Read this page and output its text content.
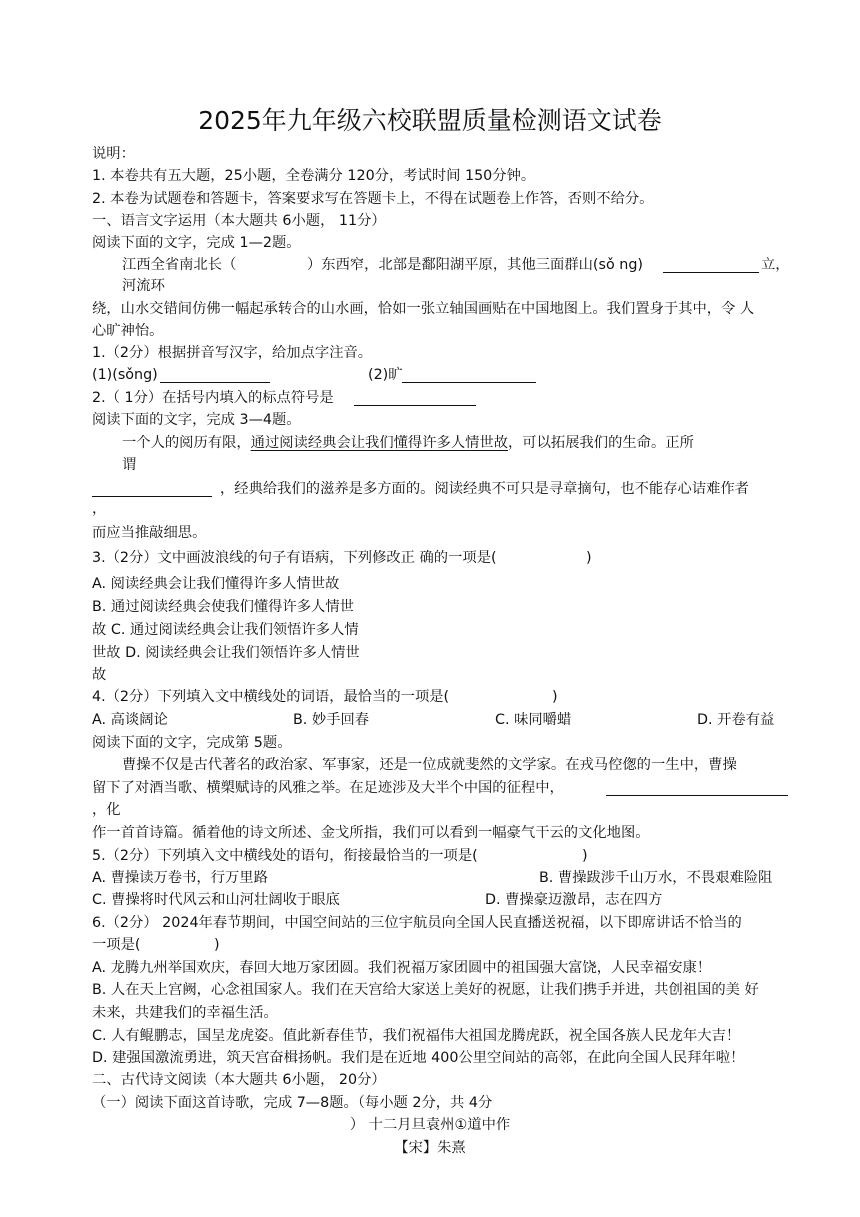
2025年九年级六校联盟质量检测语文试卷
说明：
1. 本卷共有五大题，25小题，全卷满分 120分，考试时间 150分钟。
2. 本卷为试题卷和答题卡，答案要求写在答题卡上，不得在试题卷上作答，否则不给分。
一、语言文字运用（本大题共 6小题， 11分）
阅读下面的文字，完成 1—2题。
江西全省南北长（	）东西窄，北部是鄱阳湖平原，其他三面群山(sǒ ng)	立，
河流环
绕，山水交错间仿佛一幅起承转合的山水画，恰如一张立轴国画贴在中国地图上。我们置身于其中，令 人
心旷神怡。
1.（2分）根据拼音写汉字，给加点字注音。
(1)(sǒng)	(2)旷
2.（ 1分）在括号内填入的标点符号是
阅读下面的文字，完成 3—4题。
一个人的阅历有限，通过阅读经典会让我们懂得许多人情世故，可以拓展我们的生命。正所
谓
，经典给我们的滋养是多方面的。阅读经典不可只是寻章摘句，也不能存心诘难作者
，
而应当推敲细思。
3.（2分）文中画波浪线的句子有语病，下列修改正 确的一项是(	)
A. 阅读经典会让我们懂得许多人情世故
B. 通过阅读经典会使我们懂得许多人情世
故 C. 通过阅读经典会让我们领悟许多人情
世故 D. 阅读经典会让我们领悟许多人情世
故
4.（2分）下列填入文中横线处的词语，最恰当的一项是(	)
A. 高谈阔论	B. 妙手回春	C. 味同嚼蜡	D. 开卷有益
阅读下面的文字，完成第 5题。
曹操不仅是古代著名的政治家、军事家，还是一位成就斐然的文学家。在戎马倥偬的一生中，曹操
留下了对酒当歌、横槊赋诗的风雅之举。在足迹涉及大半个中国的征程中，
，化
作一首首诗篇。循着他的诗文所述、金戈所指，我们可以看到一幅豪气干云的文化地图。
5.（2分）下列填入文中横线处的语句，衔接最恰当的一项是(	)
A. 曹操读万卷书，行万里路	B. 曹操跋涉千山万水，不畏艰难险阻
C. 曹操将时代风云和山河壮阔收于眼底	D. 曹操豪迈激昂，志在四方
6.（2分） 2024年春节期间，中国空间站的三位宇航员向全国人民直播送祝福，以下即席讲话不恰当的
一项是(	)
A. 龙腾九州举国欢庆，春回大地万家团圆。我们祝福万家团圆中的祖国强大富饶，人民幸福安康！
B. 人在天上宫阙，心念祖国家人。我们在天宫给大家送上美好的祝愿，让我们携手并进，共创祖国的美 好
未来，共建我们的幸福生活。
C. 人有鲲鹏志，国呈龙虎姿。值此新春佳节，我们祝福伟大祖国龙腾虎跃，祝全国各族人民龙年大吉！
D. 建强国激流勇进，筑天宫奋楫扬帆。我们是在近地 400公里空间站的高邻，在此向全国人民拜年啦！
二、古代诗文阅读（本大题共 6小题， 20分）
（一）阅读下面这首诗歌，完成 7—8题。（每小题 2分，共 4分
） 十二月旦袁州①道中作
【宋】朱熹
